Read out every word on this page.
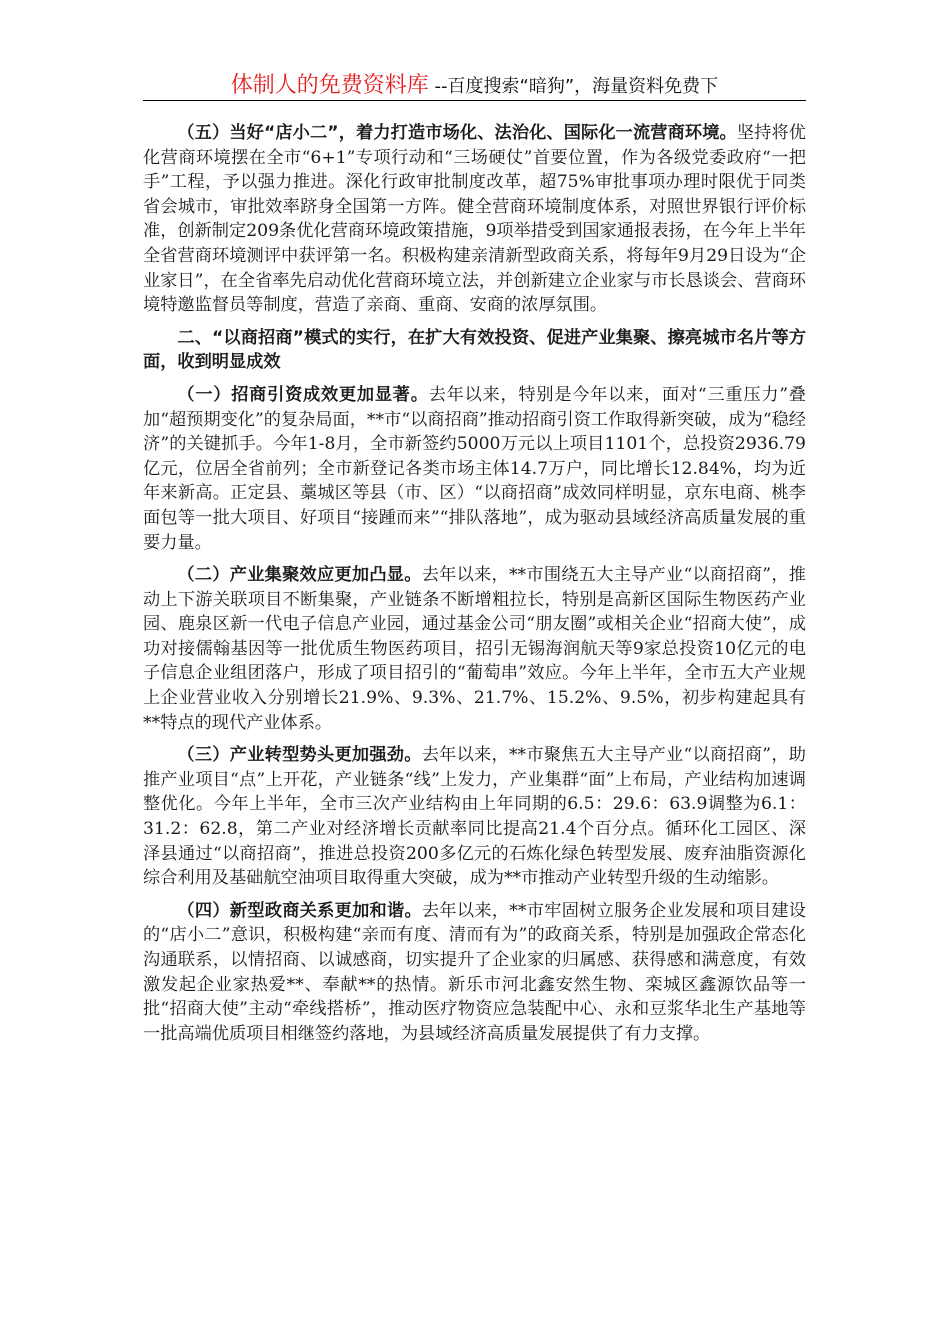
体制人的免费资料库 --百度搜索“暗狗”，海量资料免费下

（五）当好“店小二”，着力打造市场化、法治化、国际化一流营商环境。坚持将优化营商环境摆在全市“6+1”专项行动和“三场硬仗”首要位置，作为各级党委政府“一把手”工程，予以强力推进。深化行政审批制度改革，超75%审批事项办理时限优于同类省会城市，审批效率跻身全国第一方阵。健全营商环境制度体系，对照世界银行评价标准，创新制定209条优化营商环境政策措施，9项举措受到国家通报表扬，在今年上半年全省营商环境测评中获评第一名。积极构建亲清新型政商关系，将每年9月29日设为“企业家日”，在全省率先启动优化营商环境立法，并创新建立企业家与市长恳谈会、营商环境特邀监督员等制度，营造了亲商、重商、安商的浓厚氛围。

二、“以商招商”模式的实行，在扩大有效投资、促进产业集聚、擦亮城市名片等方面，收到明显成效

（一）招商引资成效更加显著。去年以来，特别是今年以来，面对“三重压力”叠加“超预期变化”的复杂局面，**市“以商招商”推动招商引资工作取得新突破，成为“稳经济”的关键抓手。今年1-8月，全市新签约5000万元以上项目1101个，总投资2936.79亿元，位居全省前列；全市新登记各类市场主体14.7万户，同比增长12.84%，均为近年来新高。正定县、藁城区等县（市、区）“以商招商”成效同样明显，京东电商、桃李面包等一批大项目、好项目“接踵而来”“排队落地”，成为驱动县域经济高质量发展的重要力量。

（二）产业集聚效应更加凸显。去年以来，**市围绕五大主导产业“以商招商”，推动上下游关联项目不断集聚，产业链条不断增粗拉长，特别是高新区国际生物医药产业园、鹿泉区新一代电子信息产业园，通过基金公司“朋友圈”或相关企业“招商大使”，成功对接儒翰基因等一批优质生物医药项目，招引无锡海润航天等9家总投资10亿元的电子信息企业组团落户，形成了项目招引的“葡萄串”效应。今年上半年，全市五大产业规上企业营业收入分别增长21.9%、9.3%、21.7%、15.2%、9.5%，初步构建起具有**特点的现代产业体系。

（三）产业转型势头更加强劲。去年以来，**市聚焦五大主导产业“以商招商”，助推产业项目“点”上开花，产业链条“线”上发力，产业集群“面”上布局，产业结构加速调整优化。今年上半年，全市三次产业结构由上年同期的6.5：29.6：63.9调整为6.1：31.2：62.8，第二产业对经济增长贡献率同比提高21.4个百分点。循环化工园区、深泽县通过“以商招商”，推进总投资200多亿元的石炼化绿色转型发展、废弃油脂资源化综合利用及基础航空油项目取得重大突破，成为**市推动产业转型升级的生动缩影。

（四）新型政商关系更加和谐。去年以来，**市牢固树立服务企业发展和项目建设的“店小二”意识，积极构建“亲而有度、清而有为”的政商关系，特别是加强政企常态化沟通联系，以情招商、以诚感商，切实提升了企业家的归属感、获得感和满意度，有效激发起企业家热爱**、奉献**的热情。新乐市河北鑫安然生物、栾城区鑫源饮品等一批“招商大使”主动“牵线搭桥”，推动医疗物资应急装配中心、永和豆浆华北生产基地等一批高端优质项目相继签约落地，为县域经济高质量发展提供了有力支撑。
